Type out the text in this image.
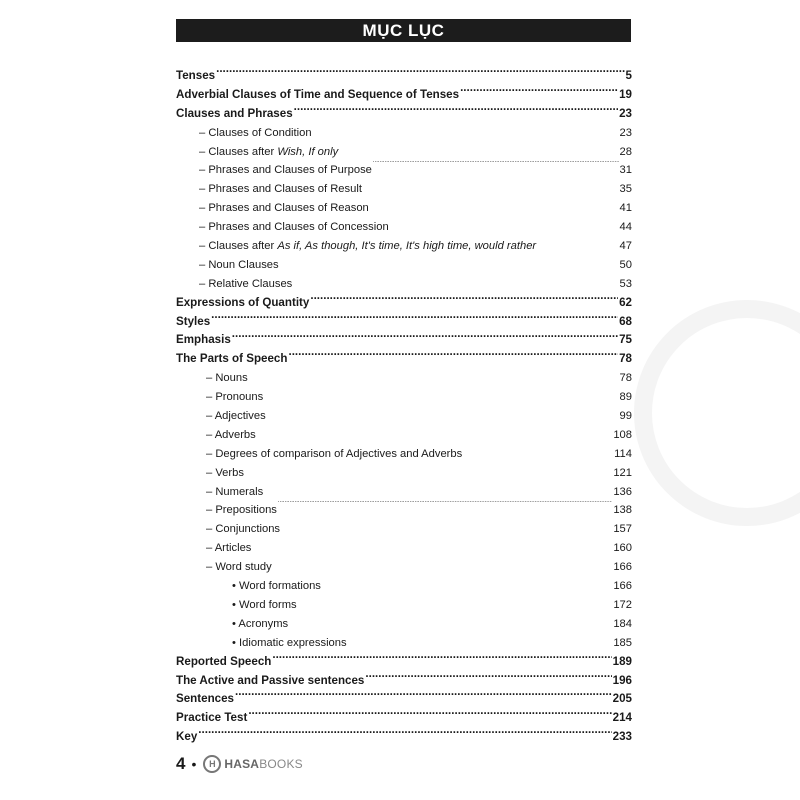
MỤC LỤC
Tenses .....	5
Adverbial Clauses of Time and Sequence of Tenses .....	19
Clauses and Phrases .....	23
– Clauses of Condition .....	23
– Clauses after Wish, If only .....	28
– Phrases and Clauses of Purpose .....	31
– Phrases and Clauses of Result .....	35
– Phrases and Clauses of Reason .....	41
– Phrases and Clauses of Concession .....	44
– Clauses after As if, As though, It's time, It's high time, would rather .....	47
– Noun Clauses .....	50
– Relative Clauses .....	53
Expressions of Quantity .....	62
Styles .....	68
Emphasis .....	75
The Parts of Speech .....	78
– Nouns .....	78
– Pronouns .....	89
– Adjectives .....	99
– Adverbs .....	108
– Degrees of comparison of Adjectives and Adverbs .....	114
– Verbs .....	121
– Numerals .....	136
– Prepositions .....	138
– Conjunctions .....	157
– Articles .....	160
– Word study .....	166
• Word formations .....	166
• Word forms .....	172
• Acronyms .....	184
• Idiomatic expressions .....	185
Reported Speech .....	189
The Active and Passive sentences .....	196
Sentences .....	205
Practice Test .....	214
Key .....	233
4 • H HASA BOOKS
